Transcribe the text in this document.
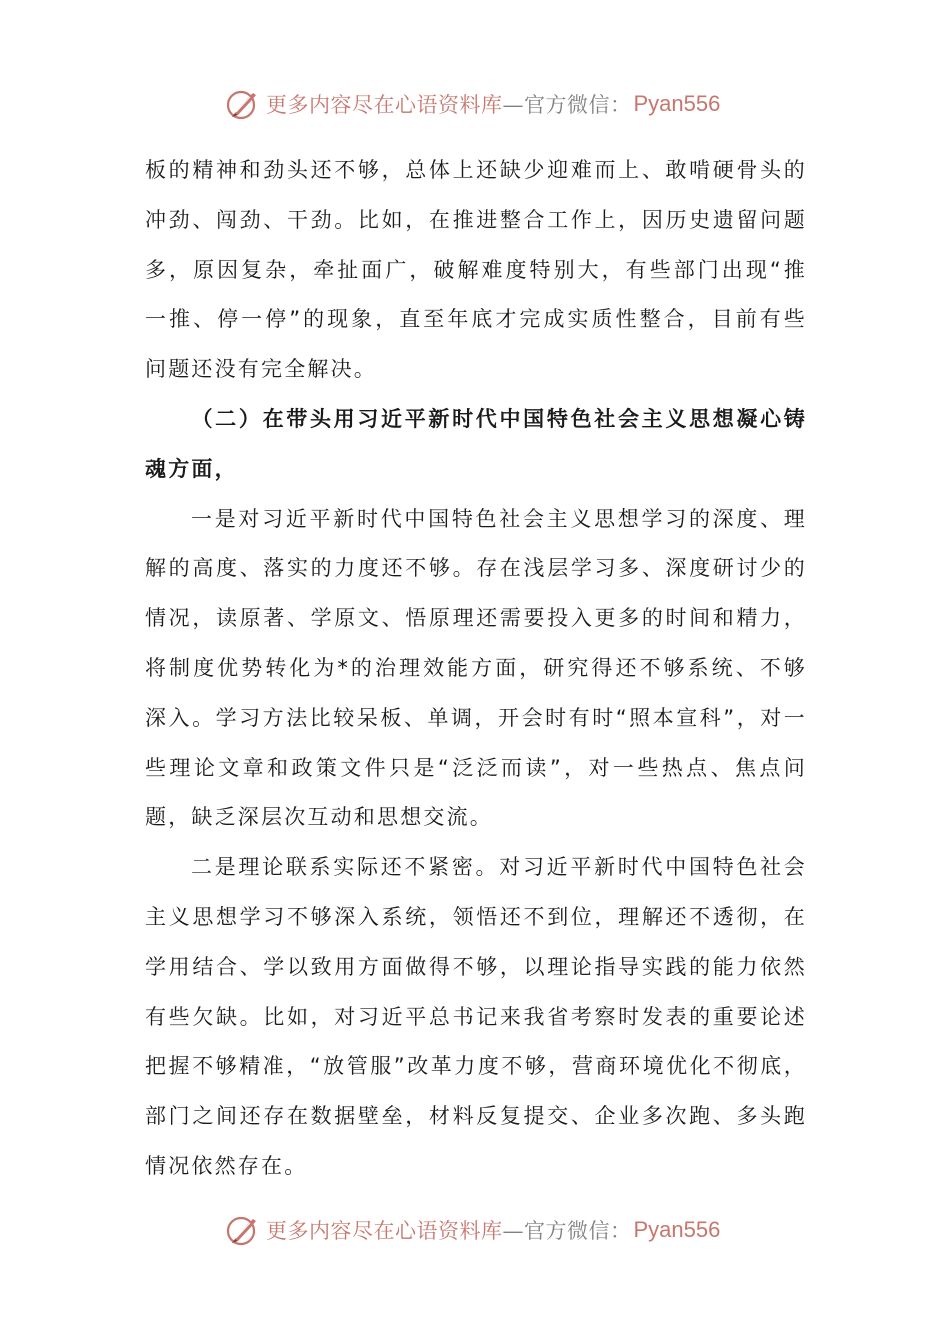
更多内容尽在心语资料库 —官方微信： Pyan556

板的精神和劲头还不够，总体上还缺少迎难而上、敢啃硬骨头的冲劲、闯劲、干劲。比如，在推进整合工作上，因历史遗留问题多，原因复杂，牵扯面广，破解难度特别大，有些部门出现“推一推、停一停”的现象，直至年底才完成实质性整合，目前有些问题还没有完全解决。

（二）在带头用习近平新时代中国特色社会主义思想凝心铸魂方面，

一是对习近平新时代中国特色社会主义思想学习的深度、理解的高度、落实的力度还不够。存在浅层学习多、深度研讨少的情况，读原著、学原文、悟原理还需要投入更多的时间和精力，将制度优势转化为*的治理效能方面，研究得还不够系统、不够深入。学习方法比较呆板、单调，开会时有时“照本宣科”，对一些理论文章和政策文件只是“泛泛而读”，对一些热点、焦点问题，缺乏深层次互动和思想交流。

二是理论联系实际还不紧密。对习近平新时代中国特色社会主义思想学习不够深入系统，领悟还不到位，理解还不透彻，在学用结合、学以致用方面做得不够，以理论指导实践的能力依然有些欠缺。比如，对习近平总书记来我省考察时发表的重要论述把握不够精准，“放管服”改革力度不够，营商环境优化不彻底，部门之间还存在数据壁垒，材料反复提交、企业多次跑、多头跑情况依然存在。

更多内容尽在心语资料库 —官方微信： Pyan556
